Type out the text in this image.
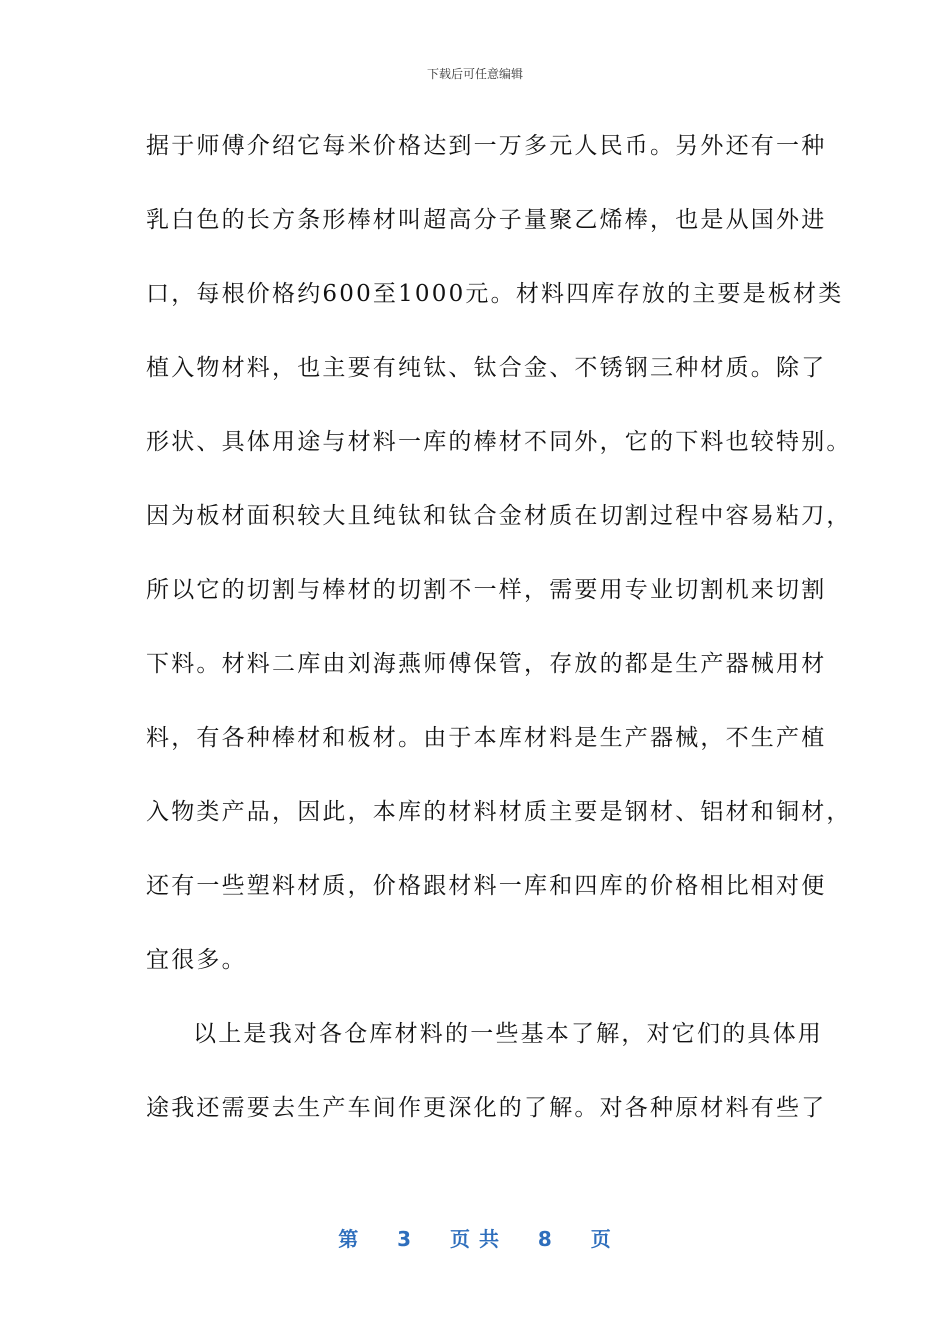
下载后可任意编辑
据于师傅介绍它每米价格达到一万多元人民币。另外还有一种
乳白色的长方条形棒材叫超高分子量聚乙烯棒，也是从国外进
口，每根价格约600至1000元。材料四库存放的主要是板材类
植入物材料，也主要有纯钛、钛合金、不锈钢三种材质。除了
形状、具体用途与材料一库的棒材不同外，它的下料也较特别。
因为板材面积较大且纯钛和钛合金材质在切割过程中容易粘刀，
所以它的切割与棒材的切割不一样，需要用专业切割机来切割
下料。材料二库由刘海燕师傅保管，存放的都是生产器械用材
料，有各种棒材和板材。由于本库材料是生产器械，不生产植
入物类产品，因此，本库的材料材质主要是钢材、铝材和铜材，
还有一些塑料材质，价格跟材料一库和四库的价格相比相对便
宜很多。
以上是我对各仓库材料的一些基本了解，对它们的具体用
途我还需要去生产车间作更深化的了解。对各种原材料有些了
第 3 页 共 8 页
